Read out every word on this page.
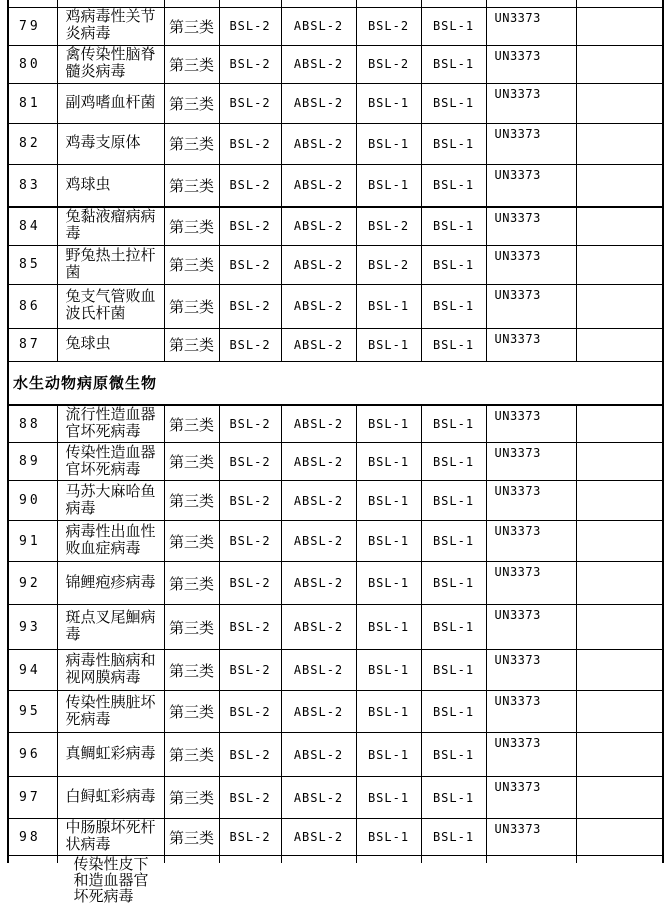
79	鸡病毒性关节炎病毒	第三类	BSL-2	ABSL-2	BSL-2	BSL-1	UN3373	
80	禽传染性脑脊髓炎病毒	第三类	BSL-2	ABSL-2	BSL-2	BSL-1	UN3373	
81	副鸡嗜血杆菌	第三类	BSL-2	ABSL-2	BSL-1	BSL-1	UN3373	
82	鸡毒支原体	第三类	BSL-2	ABSL-2	BSL-1	BSL-1	UN3373	
83	鸡球虫	第三类	BSL-2	ABSL-2	BSL-1	BSL-1	UN3373	
84	兔黏液瘤病病毒	第三类	BSL-2	ABSL-2	BSL-2	BSL-1	UN3373	
85	野兔热土拉杆菌	第三类	BSL-2	ABSL-2	BSL-2	BSL-1	UN3373	
86	兔支气管败血波氏杆菌	第三类	BSL-2	ABSL-2	BSL-1	BSL-1	UN3373	
87	兔球虫	第三类	BSL-2	ABSL-2	BSL-1	BSL-1	UN3373	
水生动物病原微生物								
88	流行性造血器官坏死病毒	第三类	BSL-2	ABSL-2	BSL-1	BSL-1	UN3373	
89	传染性造血器官坏死病毒	第三类	BSL-2	ABSL-2	BSL-1	BSL-1	UN3373	
90	马苏大麻哈鱼病毒	第三类	BSL-2	ABSL-2	BSL-1	BSL-1	UN3373	
91	病毒性出血性败血症病毒	第三类	BSL-2	ABSL-2	BSL-1	BSL-1	UN3373	
92	锦鲤疱疹病毒	第三类	BSL-2	ABSL-2	BSL-1	BSL-1	UN3373	
93	斑点叉尾鮰病毒	第三类	BSL-2	ABSL-2	BSL-1	BSL-1	UN3373	
94	病毒性脑病和视网膜病毒	第三类	BSL-2	ABSL-2	BSL-1	BSL-1	UN3373	
95	传染性胰脏坏死病毒	第三类	BSL-2	ABSL-2	BSL-1	BSL-1	UN3373	
96	真鲷虹彩病毒	第三类	BSL-2	ABSL-2	BSL-1	BSL-1	UN3373	
97	白鲟虹彩病毒	第三类	BSL-2	ABSL-2	BSL-1	BSL-1	UN3373	
98	中肠腺坏死杆状病毒	第三类	BSL-2	ABSL-2	BSL-1	BSL-1	UN3373	

	传染性皮下和造血器官坏死病毒							
